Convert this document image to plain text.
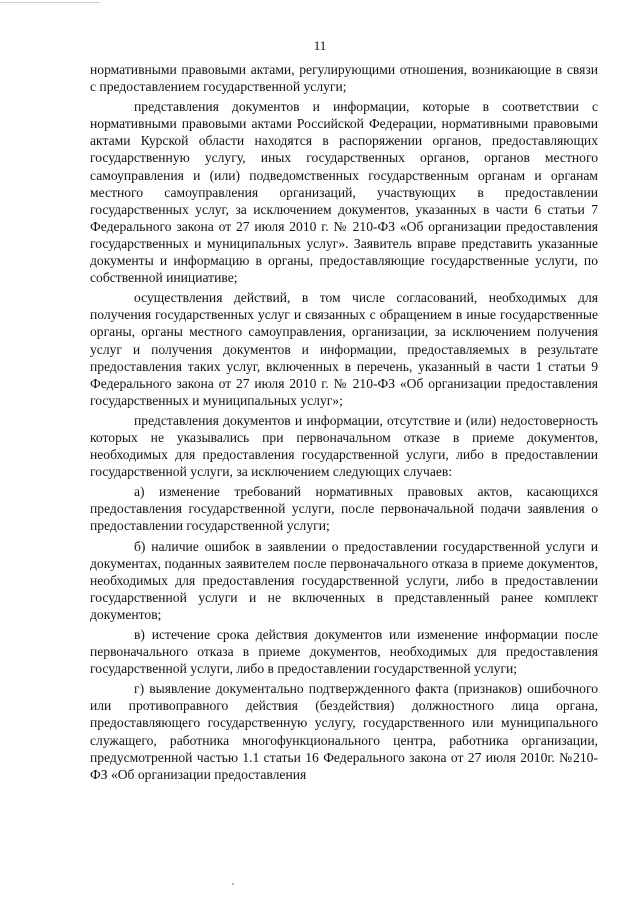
11

нормативными правовыми актами, регулирующими отношения, возникающие в связи с предоставлением государственной услуги;

представления документов и информации, которые в соответствии с нормативными правовыми актами Российской Федерации, нормативными правовыми актами Курской области находятся в распоряжении органов, предоставляющих государственную услугу, иных государственных органов, органов местного самоуправления и (или) подведомственных государственным органам и органам местного самоуправления организаций, участвующих в предоставлении государственных услуг, за исключением документов, указанных в части 6 статьи 7 Федерального закона от 27 июля 2010 г. № 210-ФЗ «Об организации предоставления государственных и муниципальных услуг». Заявитель вправе представить указанные документы и информацию в органы, предоставляющие государственные услуги, по собственной инициативе;

осуществления действий, в том числе согласований, необходимых для получения государственных услуг и связанных с обращением в иные государственные органы, органы местного самоуправления, организации, за исключением получения услуг и получения документов и информации, предоставляемых в результате предоставления таких услуг, включенных в перечень, указанный в части 1 статьи 9 Федерального закона от 27 июля 2010 г. № 210-ФЗ «Об организации предоставления государственных и муниципальных услуг»;

представления документов и информации, отсутствие и (или) недостоверность которых не указывались при первоначальном отказе в приеме документов, необходимых для предоставления государственной услуги, либо в предоставлении государственной услуги, за исключением следующих случаев:

а) изменение требований нормативных правовых актов, касающихся предоставления государственной услуги, после первоначальной подачи заявления о предоставлении государственной услуги;

б) наличие ошибок в заявлении о предоставлении государственной услуги и документах, поданных заявителем после первоначального отказа в приеме документов, необходимых для предоставления государственной услуги, либо в предоставлении государственной услуги и не включенных в представленный ранее комплект документов;

в) истечение срока действия документов или изменение информации после первоначального отказа в приеме документов, необходимых для предоставления государственной услуги, либо в предоставлении государственной услуги;

г) выявление документально подтвержденного факта (признаков) ошибочного или противоправного действия (бездействия) должностного лица органа, предоставляющего государственную услугу, государственного или муниципального служащего, работника многофункционального центра, работника организации, предусмотренной частью 1.1 статьи 16 Федерального закона от 27 июля 2010г. №210-ФЗ «Об организации предоставления
